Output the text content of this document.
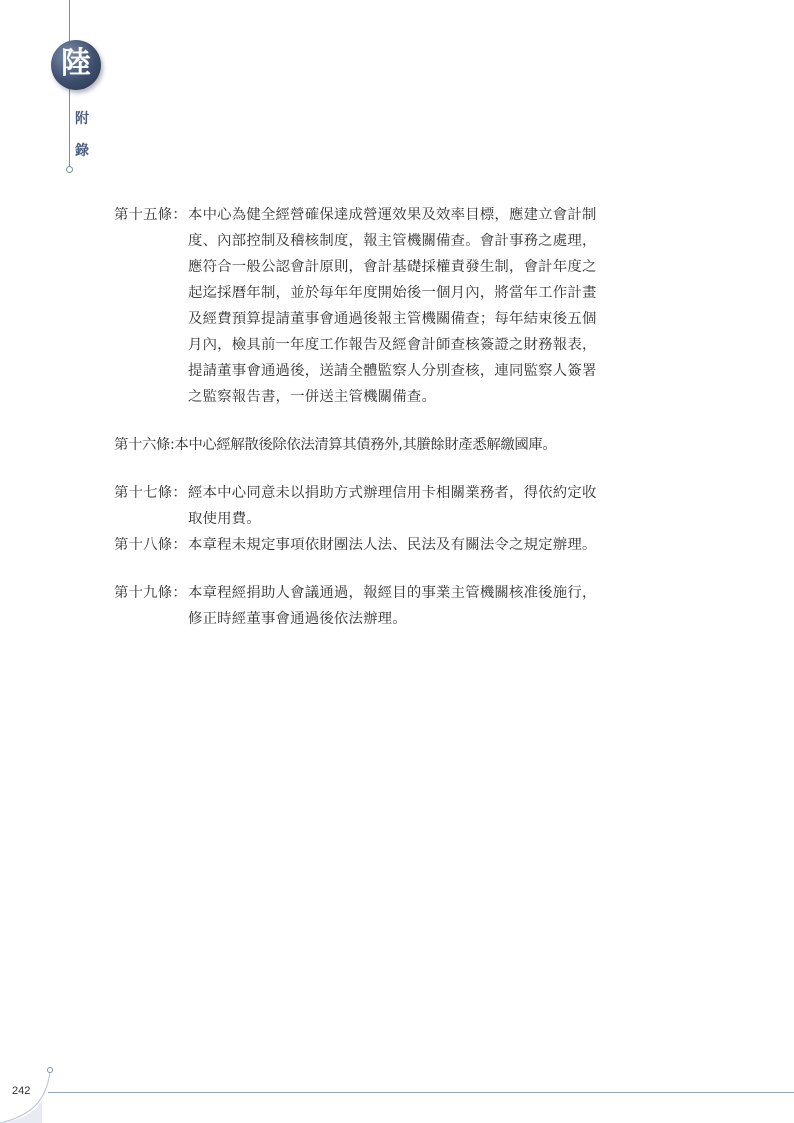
陸
附
錄
第十五條： 本中心為健全經營確保達成營運效果及效率目標，應建立會計制
度、內部控制及稽核制度，報主管機關備查。會計事務之處理，
應符合一般公認會計原則，會計基礎採權責發生制，會計年度之
起迄採曆年制，並於每年年度開始後一個月內，將當年工作計畫
及經費預算提請董事會通過後報主管機關備查；每年結束後五個
月內，檢具前一年度工作報告及經會計師查核簽證之財務報表，
提請董事會通過後，送請全體監察人分別查核，連同監察人簽署
之監察報告書，一併送主管機關備查。
第十六條:本中心經解散後除依法清算其債務外,其賸餘財產悉解繳國庫。
第十七條： 經本中心同意未以捐助方式辦理信用卡相關業務者，得依約定收
取使用費。
第十八條： 本章程未規定事項依財團法人法、民法及有關法令之規定辦理。
第十九條： 本章程經捐助人會議通過，報經目的事業主管機關核准後施行，
修正時經董事會通過後依法辦理。
242
